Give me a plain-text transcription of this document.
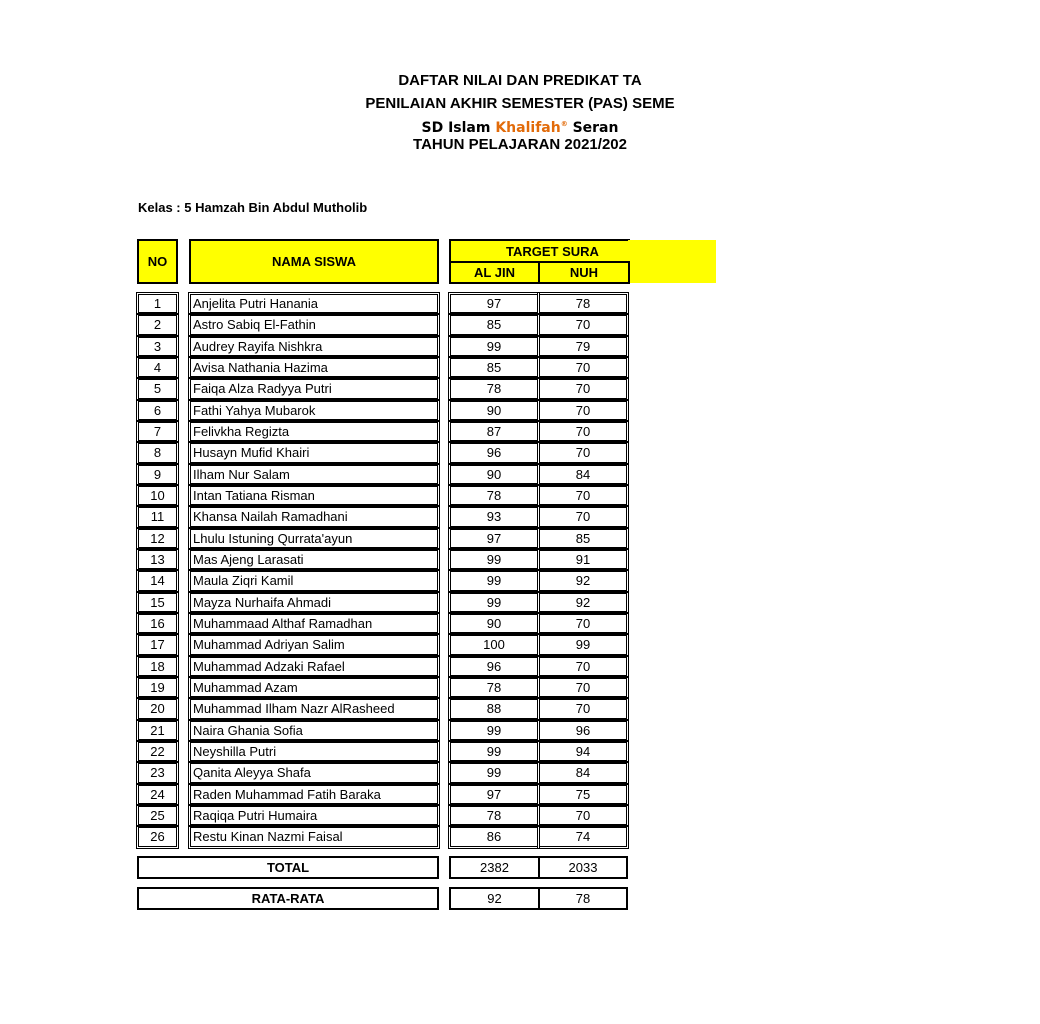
DAFTAR NILAI DAN PREDIKAT TA
PENILAIAN AKHIR SEMESTER (PAS) SEME
SD Islam Khalifah® Seran
TAHUN PELAJARAN 2021/202
Kelas : 5 Hamzah Bin Abdul Mutholib
NO	NAMA SISWA
TARGET SURA
AL JIN	NUH
1	Anjelita Putri Hanania	97	78
2	Astro Sabiq El-Fathin	85	70
3	Audrey Rayifa Nishkra	99	79
4	Avisa Nathania Hazima	85	70
5	Faiqa Alza Radyya Putri	78	70
6	Fathi Yahya Mubarok	90	70
7	Felivkha Regizta	87	70
8	Husayn Mufid Khairi	96	70
9	Ilham Nur Salam	90	84
10	Intan Tatiana Risman	78	70
11	Khansa Nailah Ramadhani	93	70
12	Lhulu Istuning Qurrata'ayun	97	85
13	Mas Ajeng Larasati	99	91
14	Maula Ziqri Kamil	99	92
15	Mayza Nurhaifa Ahmadi	99	92
16	Muhammaad Althaf Ramadhan	90	70
17	Muhammad Adriyan Salim	100	99
18	Muhammad Adzaki Rafael	96	70
19	Muhammad Azam	78	70
20	Muhammad Ilham Nazr AlRasheed	88	70
21	Naira Ghania Sofia	99	96
22	Neyshilla Putri	99	94
23	Qanita Aleyya Shafa	99	84
24	Raden Muhammad Fatih Baraka	97	75
25	Raqiqa Putri Humaira	78	70
26	Restu Kinan Nazmi Faisal	86	74
TOTAL	2382	2033
RATA-RATA	92	78
